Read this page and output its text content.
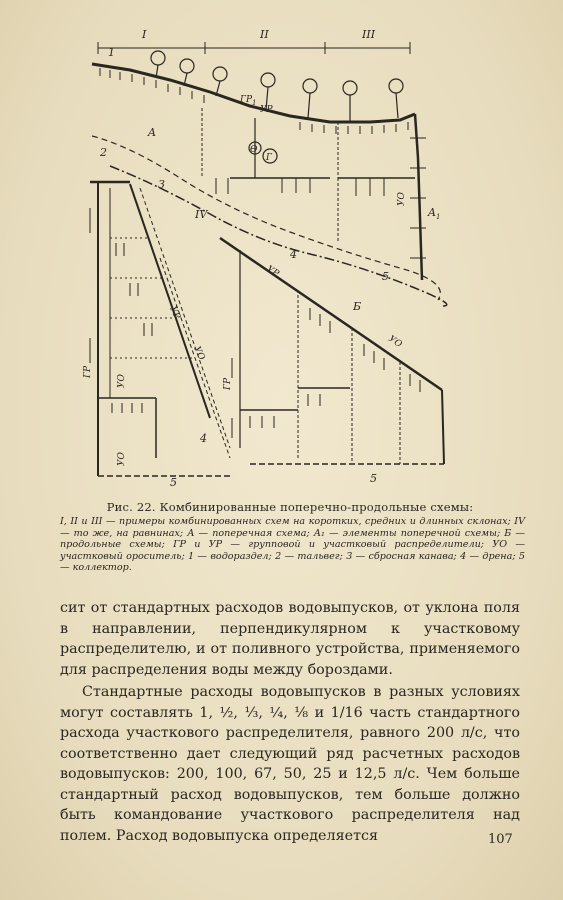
I	II	III
1
$ГР_1$
УР
ϴ
Г
A
УО
$A_1$
2
3
4
5
IV
ГР
УО
УР
УО
УО
4
УР
УО
ГР
Б
5	5
Рис. 22. Комбинированные поперечно-продольные схемы:
I, II и III — примеры комбинированных схем на коротких, средних и длинных склонах; IV — то же, на равнинах; А — поперечная схема; А₁ — элементы поперечной схемы; Б — продольные схемы; ГР и УР — групповой и участковый распределители; УО — участковый ороситель; 1 — водораздел; 2 — тальвег; 3 — сбросная канава; 4 — дрена; 5 — коллектор.

сит от стандартных расходов водовыпусков, от уклона поля в направлении, перпендикулярном к участковому распределителю, и от поливного устройства, применяемого для распределения воды между бороздами.

Стандартные расходы водовыпусков в разных условиях могут составлять 1, ½, ⅓, ¼, ⅛ и 1/16 часть стандартного расхода участкового распределителя, равного 200 л/с, что соответственно дает следующий ряд расчетных расходов водовыпусков: 200, 100, 67, 50, 25 и 12,5 л/с. Чем больше стандартный расход водовыпусков, тем больше должно быть командование участкового распределителя над полем. Расход водовыпуска определяется	107
